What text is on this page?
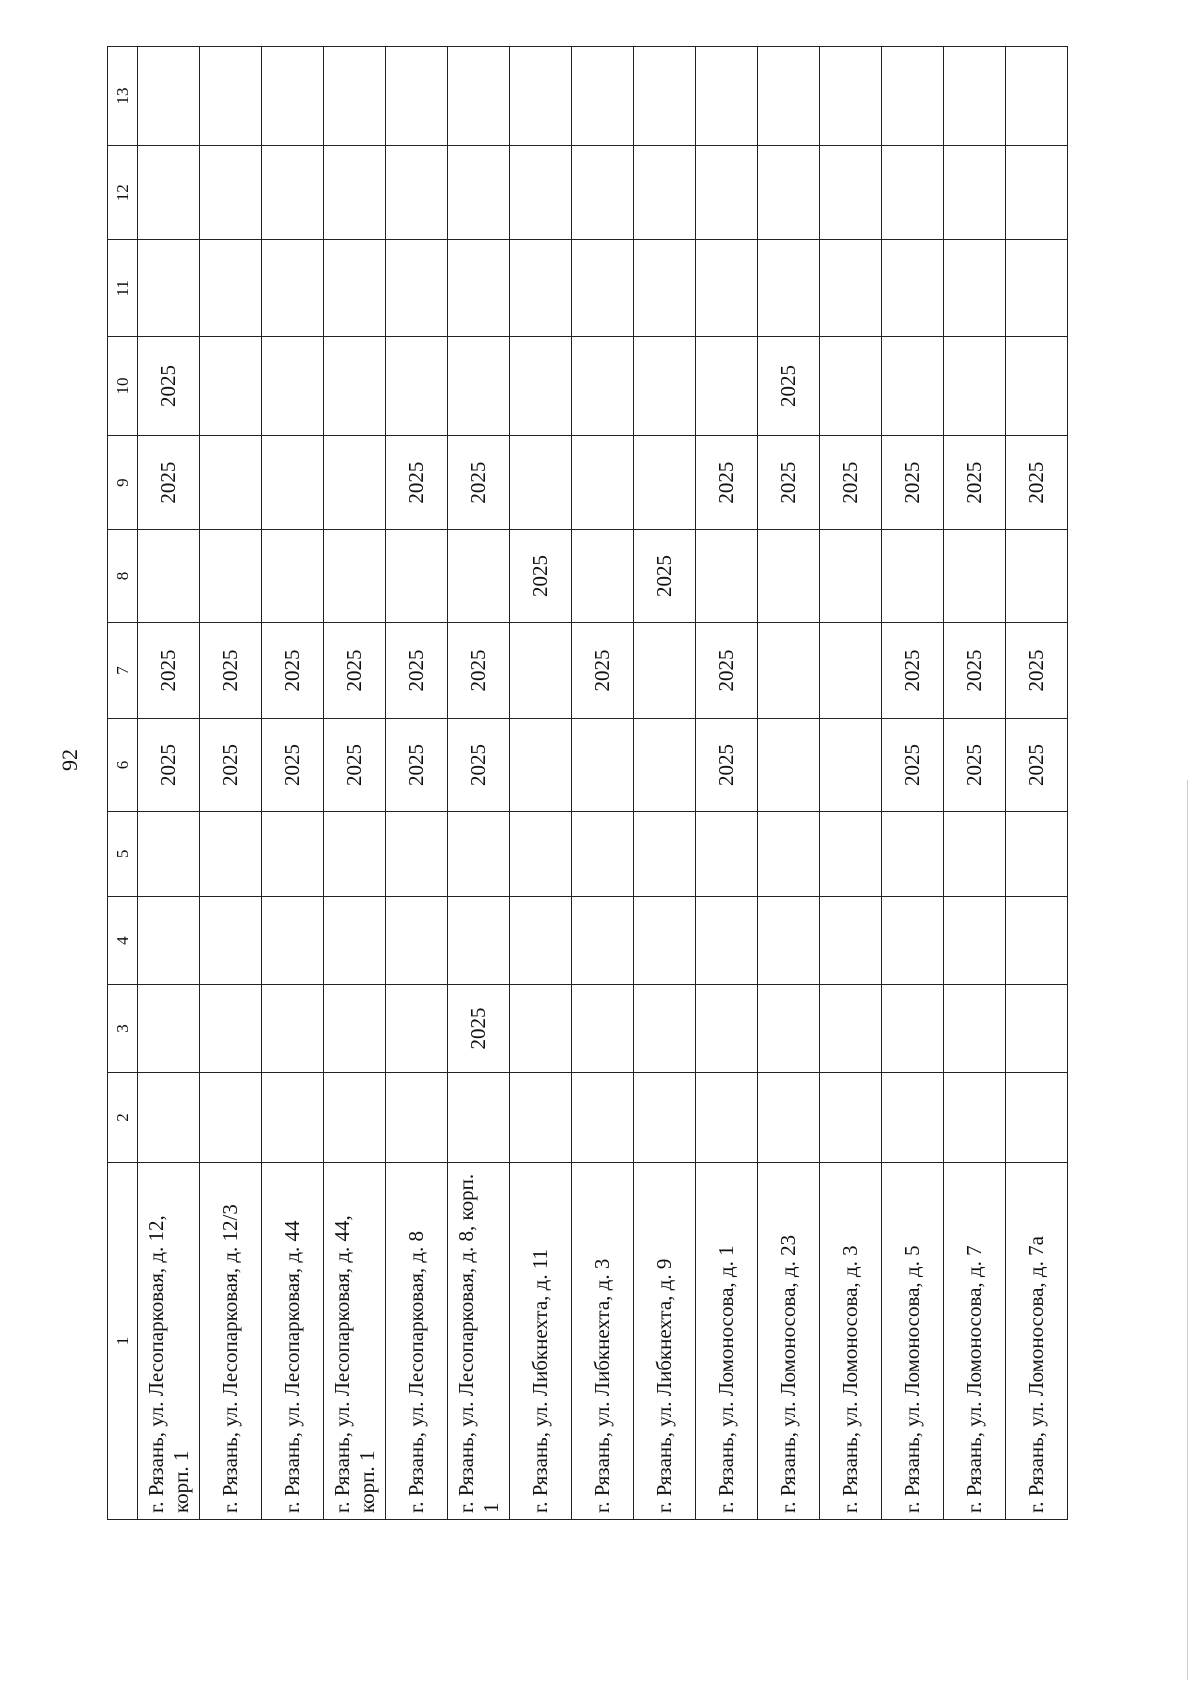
92
1	2	3	4	5	6	7	8	9	10	11	12	13
г. Рязань, ул. Лесопарковая, д. 12, корп. 1					2025	2025		2025	2025			
г. Рязань, ул. Лесопарковая, д. 12/3					2025	2025						
г. Рязань, ул. Лесопарковая, д. 44					2025	2025						
г. Рязань, ул. Лесопарковая, д. 44, корп. 1					2025	2025						
г. Рязань, ул. Лесопарковая, д. 8					2025	2025		2025				
г. Рязань, ул. Лесопарковая, д. 8, корп. 1		2025			2025	2025		2025				
г. Рязань, ул. Либкнехта, д. 11							2025					
г. Рязань, ул. Либкнехта, д. 3						2025						
г. Рязань, ул. Либкнехта, д. 9							2025					
г. Рязань, ул. Ломоносова, д. 1					2025	2025		2025				
г. Рязань, ул. Ломоносова, д. 23								2025	2025			
г. Рязань, ул. Ломоносова, д. 3								2025				
г. Рязань, ул. Ломоносова, д. 5					2025	2025		2025				
г. Рязань, ул. Ломоносова, д. 7					2025	2025		2025				
г. Рязань, ул. Ломоносова, д. 7а					2025	2025		2025				
